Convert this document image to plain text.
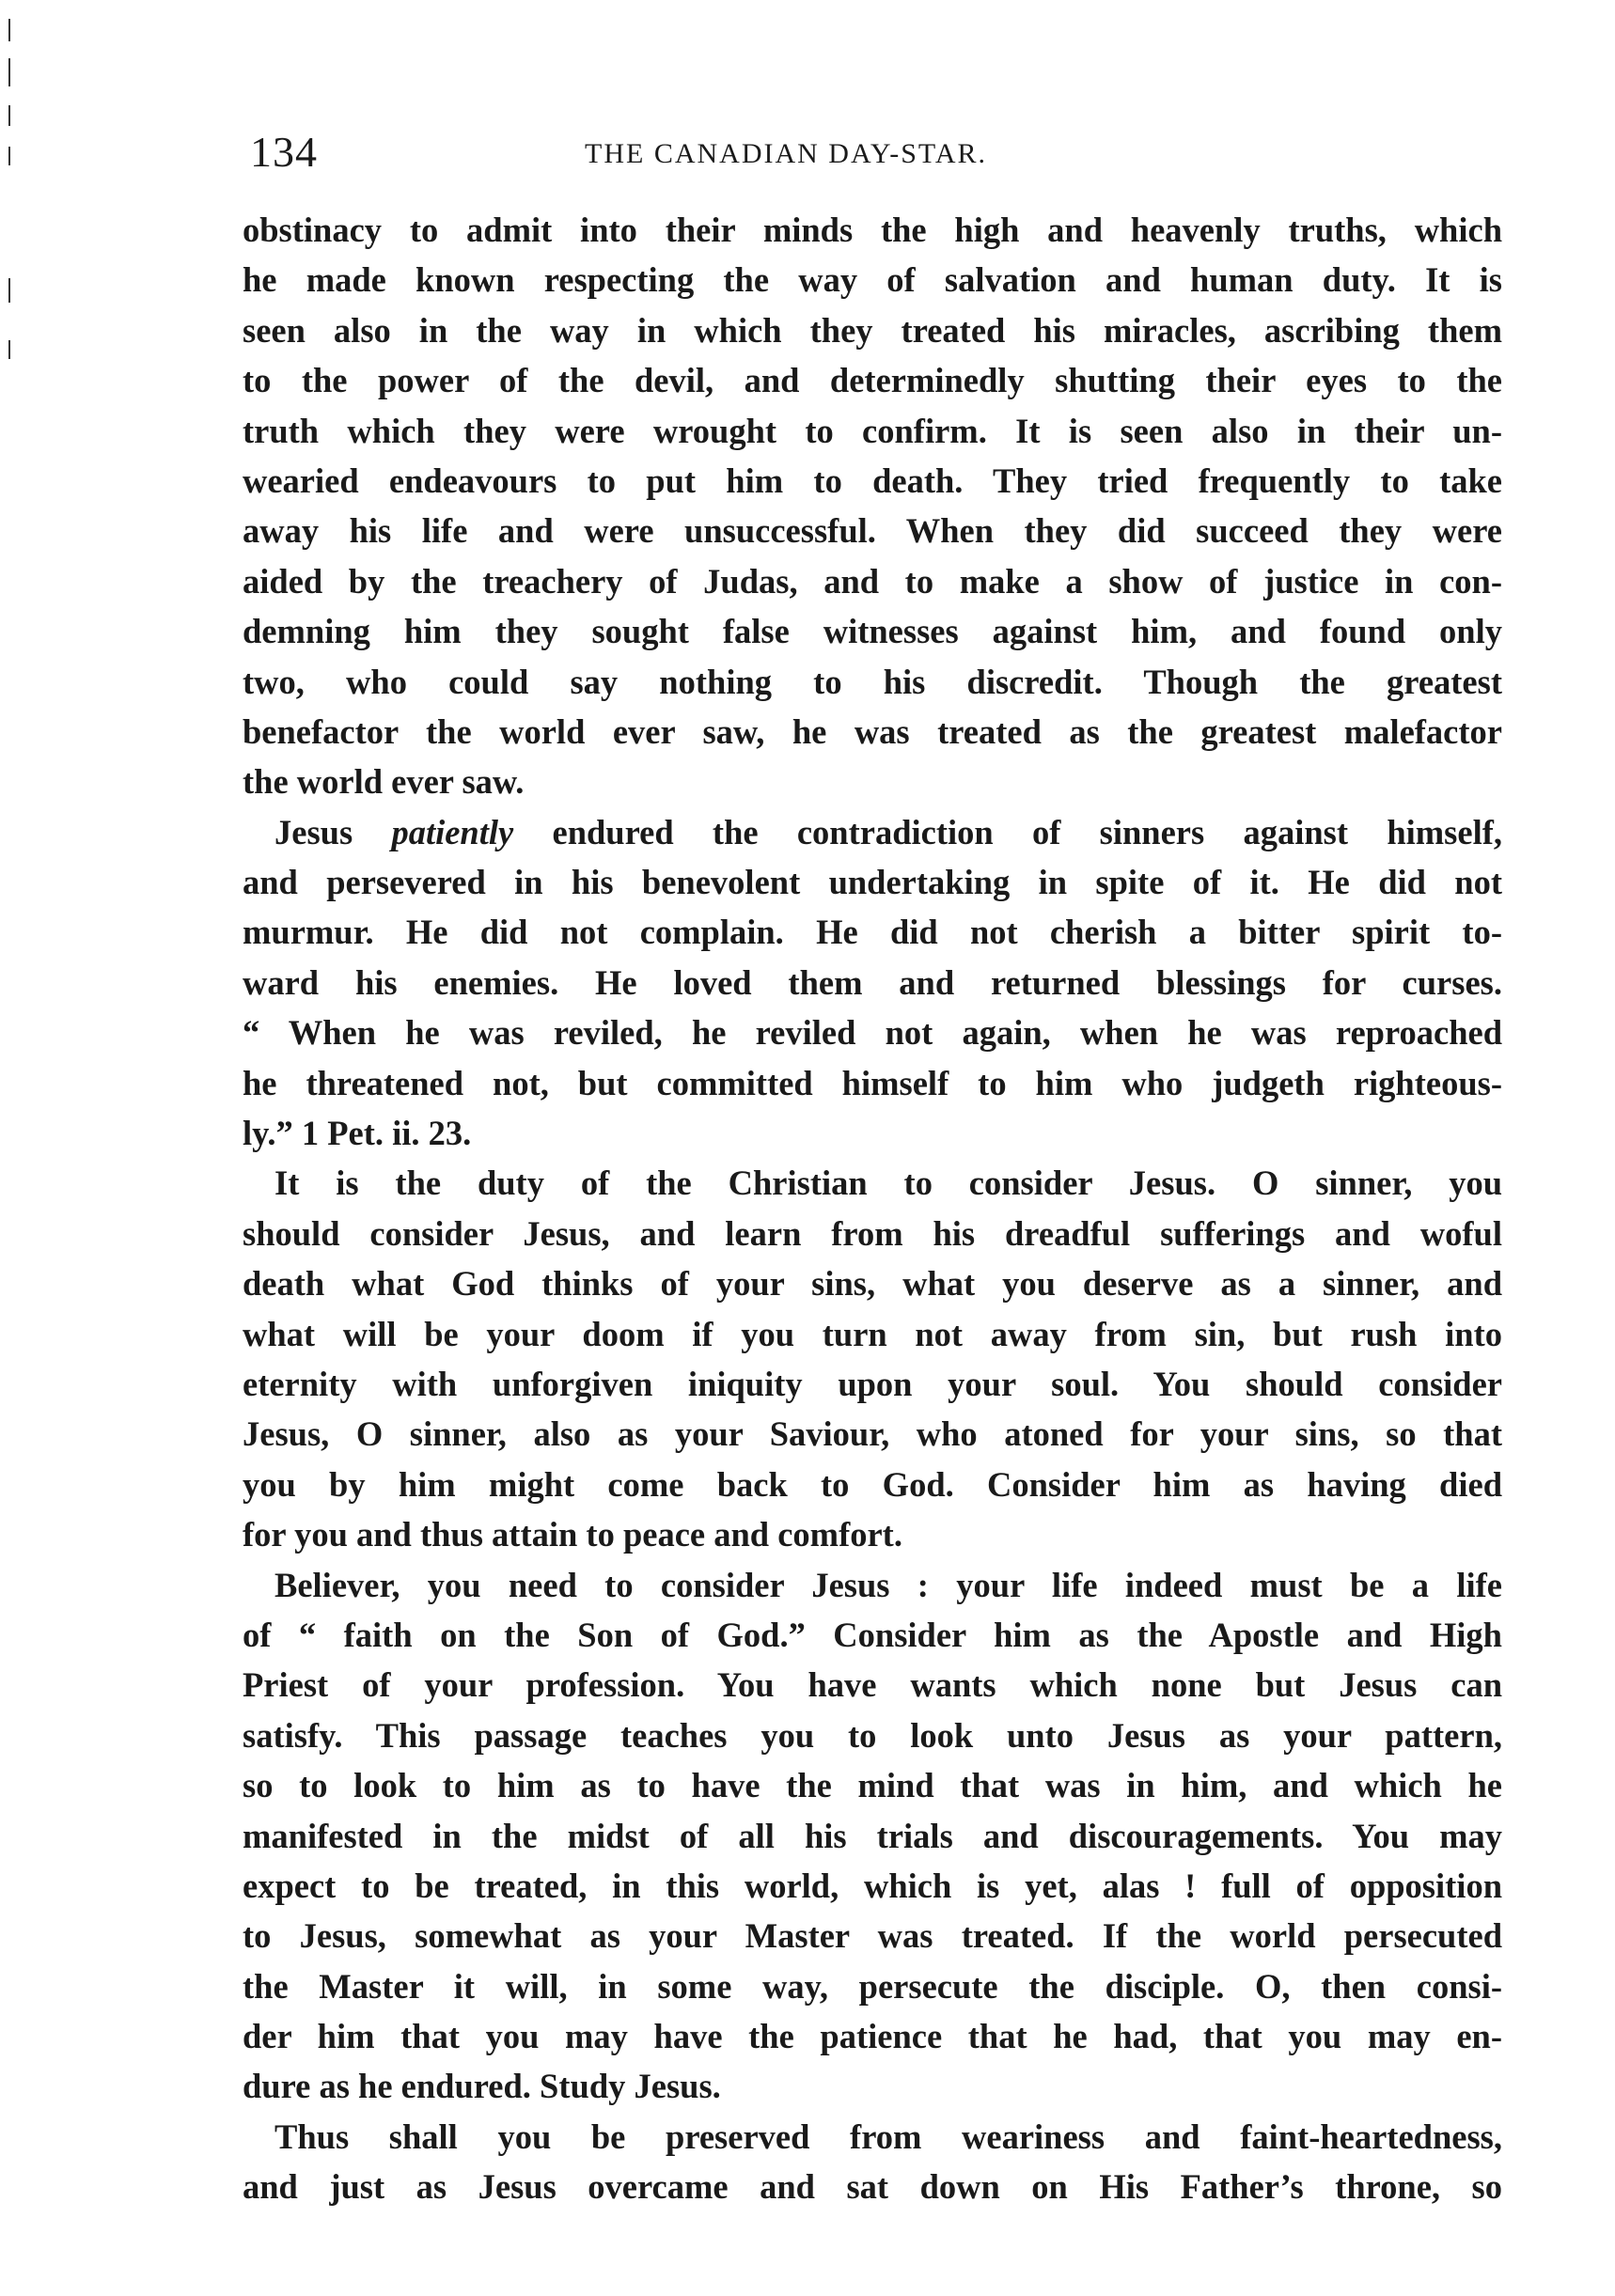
134	THE CANADIAN DAY-STAR.
obstinacy to admit into their minds the high and heavenly truths, which
he made known respecting the way of salvation and human duty. It is
seen also in the way in which they treated his miracles, ascribing them
to the power of the devil, and determinedly shutting their eyes to the
truth which they were wrought to confirm. It is seen also in their un-
wearied endeavours to put him to death. They tried frequently to take
away his life and were unsuccessful. When they did succeed they were
aided by the treachery of Judas, and to make a show of justice in con-
demning him they sought false witnesses against him, and found only
two, who could say nothing to his discredit. Though the greatest
benefactor the world ever saw, he was treated as the greatest malefactor
the world ever saw.
Jesus patiently endured the contradiction of sinners against himself,
and persevered in his benevolent undertaking in spite of it. He did not
murmur. He did not complain. He did not cherish a bitter spirit to-
ward his enemies. He loved them and returned blessings for curses.
“ When he was reviled, he reviled not again, when he was reproached
he threatened not, but committed himself to him who judgeth righteous-
ly.” 1 Pet. ii. 23.
It is the duty of the Christian to consider Jesus. O sinner, you
should consider Jesus, and learn from his dreadful sufferings and woful
death what God thinks of your sins, what you deserve as a sinner, and
what will be your doom if you turn not away from sin, but rush into
eternity with unforgiven iniquity upon your soul. You should consider
Jesus, O sinner, also as your Saviour, who atoned for your sins, so that
you by him might come back to God. Consider him as having died
for you and thus attain to peace and comfort.
Believer, you need to consider Jesus : your life indeed must be a life
of “ faith on the Son of God.” Consider him as the Apostle and High
Priest of your profession. You have wants which none but Jesus can
satisfy. This passage teaches you to look unto Jesus as your pattern,
so to look to him as to have the mind that was in him, and which he
manifested in the midst of all his trials and discouragements. You may
expect to be treated, in this world, which is yet, alas ! full of opposition
to Jesus, somewhat as your Master was treated. If the world persecuted
the Master it will, in some way, persecute the disciple. O, then consi-
der him that you may have the patience that he had, that you may en-
dure as he endured. Study Jesus.
Thus shall you be preserved from weariness and faint-heartedness,
and just as Jesus overcame and sat down on His Father’s throne, so
